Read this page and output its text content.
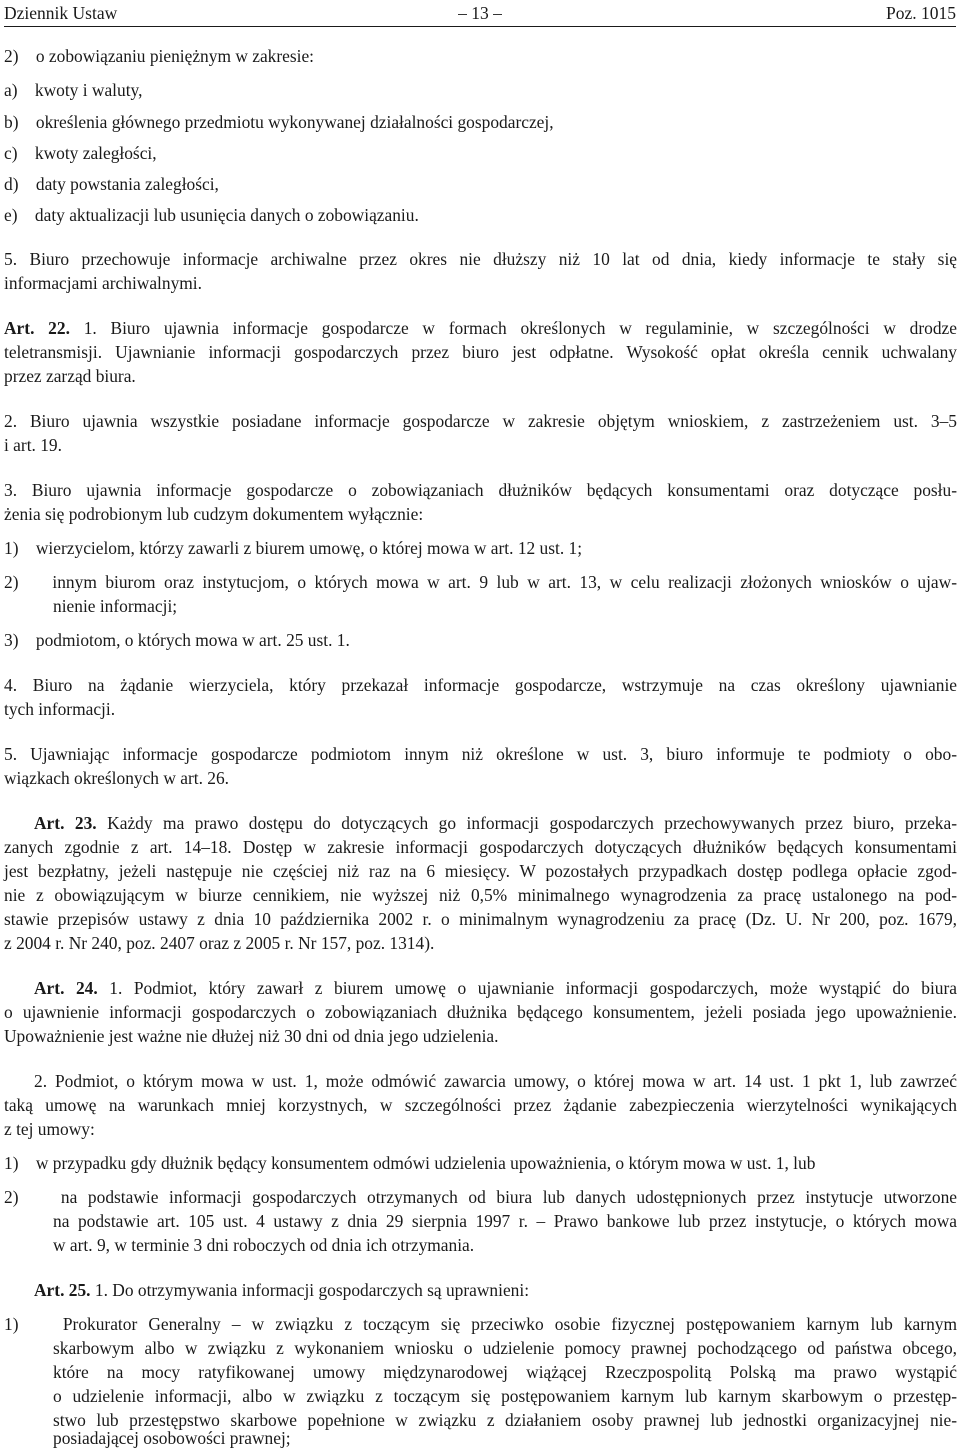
Dziennik Ustaw	– 13 –	Poz. 1015
2)    o zobowiązaniu pieniężnym w zakresie:
a)    kwoty i waluty,
b)    określenia głównego przedmiotu wykonywanej działalności gospodarczej,
c)    kwoty zaległości,
d)    daty powstania zaległości,
e)    daty aktualizacji lub usunięcia danych o zobowiązaniu.
5. Biuro przechowuje informacje archiwalne przez okres nie dłuższy niż 10 lat od dnia, kiedy informacje te stały się
informacjami archiwalnymi.
Art. 22. 1. Biuro ujawnia informacje gospodarcze w formach określonych w regulaminie, w szczególności w drodze
teletransmisji. Ujawnianie informacji gospodarczych przez biuro jest odpłatne. Wysokość opłat określa cennik uchwalany
przez zarząd biura.
2. Biuro ujawnia wszystkie posiadane informacje gospodarcze w zakresie objętym wnioskiem, z zastrzeżeniem ust. 3–5
i art. 19.
3. Biuro ujawnia informacje gospodarcze o zobowiązaniach dłużników będących konsumentami oraz dotyczące posłu-
żenia się podrobionym lub cudzym dokumentem wyłącznie:
1)    wierzycielom, którzy zawarli z biurem umowę, o której mowa w art. 12 ust. 1;
2)    innym biurom oraz instytucjom, o których mowa w art. 9 lub w art. 13, w celu realizacji złożonych wniosków o ujaw-
nienie informacji;
3)    podmiotom, o których mowa w art. 25 ust. 1.
4. Biuro na żądanie wierzyciela, który przekazał informacje gospodarcze, wstrzymuje na czas określony ujawnianie
tych informacji.
5. Ujawniając informacje gospodarcze podmiotom innym niż określone w ust. 3, biuro informuje te podmioty o obo-
wiązkach określonych w art. 26.
Art. 23. Każdy ma prawo dostępu do dotyczących go informacji gospodarczych przechowywanych przez biuro, przeka-
zanych zgodnie z art. 14–18. Dostęp w zakresie informacji gospodarczych dotyczących dłużników będących konsumentami
jest bezpłatny, jeżeli następuje nie częściej niż raz na 6 miesięcy. W pozostałych przypadkach dostęp podlega opłacie zgod-
nie z obowiązującym w biurze cennikiem, nie wyższej niż 0,5% minimalnego wynagrodzenia za pracę ustalonego na pod-
stawie przepisów ustawy z dnia 10 października 2002 r. o minimalnym wynagrodzeniu za pracę (Dz. U. Nr 200, poz. 1679,
z 2004 r. Nr 240, poz. 2407 oraz z 2005 r. Nr 157, poz. 1314).
Art. 24. 1. Podmiot, który zawarł z biurem umowę o ujawnianie informacji gospodarczych, może wystąpić do biura
o ujawnienie informacji gospodarczych o zobowiązaniach dłużnika będącego konsumentem, jeżeli posiada jego upoważnienie.
Upoważnienie jest ważne nie dłużej niż 30 dni od dnia jego udzielenia.
2. Podmiot, o którym mowa w ust. 1, może odmówić zawarcia umowy, o której mowa w art. 14 ust. 1 pkt 1, lub zawrzeć
taką umowę na warunkach mniej korzystnych, w szczególności przez żądanie zabezpieczenia wierzytelności wynikających
z tej umowy:
1)    w przypadku gdy dłużnik będący konsumentem odmówi udzielenia upoważnienia, o którym mowa w ust. 1, lub
2)    na podstawie informacji gospodarczych otrzymanych od biura lub danych udostępnionych przez instytucje utworzone
na podstawie art. 105 ust. 4 ustawy z dnia 29 sierpnia 1997 r. – Prawo bankowe lub przez instytucje, o których mowa
w art. 9, w terminie 3 dni roboczych od dnia ich otrzymania.
Art. 25. 1. Do otrzymywania informacji gospodarczych są uprawnieni:
1)    Prokurator Generalny – w związku z toczącym się przeciwko osobie fizycznej postępowaniem karnym lub karnym
skarbowym albo w związku z wykonaniem wniosku o udzielenie pomocy prawnej pochodzącego od państwa obcego,
które na mocy ratyfikowanej umowy międzynarodowej wiążącej Rzeczpospolitą Polską ma prawo wystąpić
o udzielenie informacji, albo w związku z toczącym się postępowaniem karnym lub karnym skarbowym o przestęp-
stwo lub przestępstwo skarbowe popełnione w związku z działaniem osoby prawnej lub jednostki organizacyjnej nie-
posiadającej osobowości prawnej;
